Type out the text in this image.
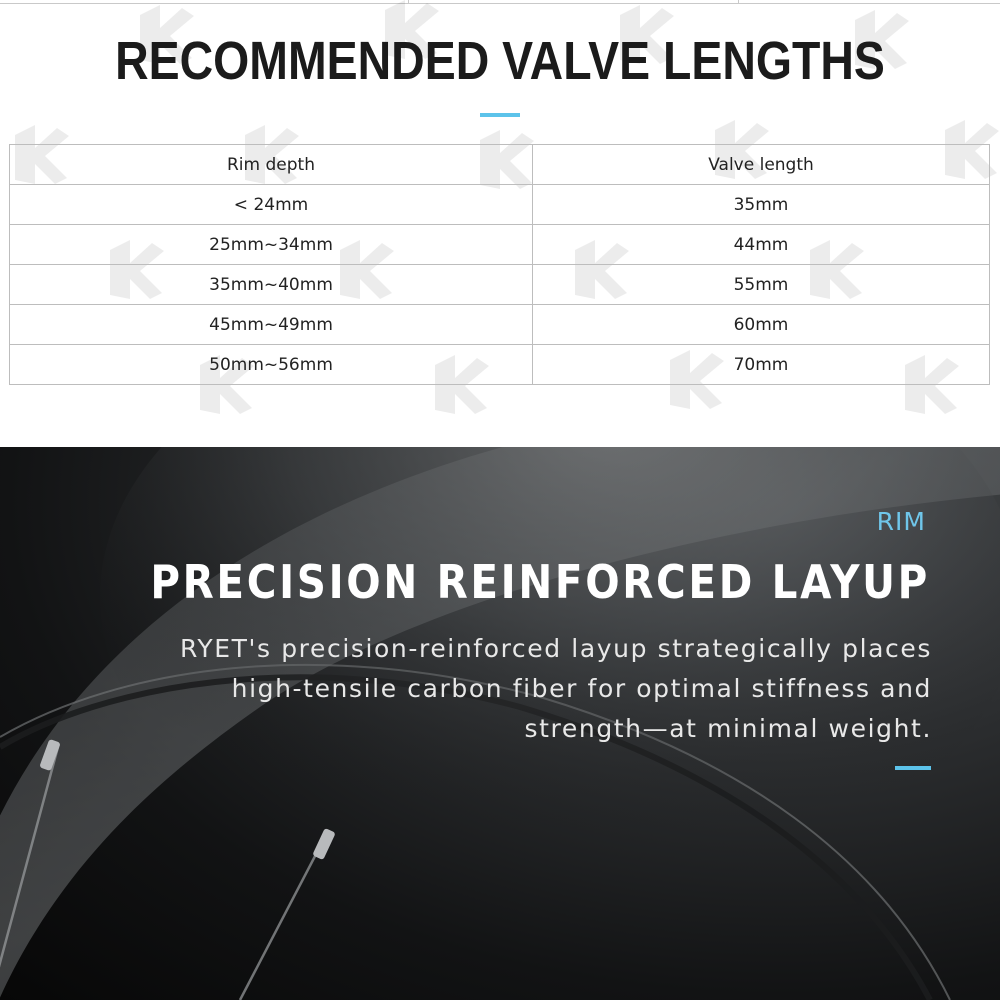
RECOMMENDED VALVE LENGTHS
Rim depth	Valve length
< 24mm	35mm
25mm~34mm	44mm
35mm~40mm	55mm
45mm~49mm	60mm
50mm~56mm	70mm
RIM
PRECISION REINFORCED LAYUP

RYET's precision-reinforced layup strategically places
high-tensile carbon fiber for optimal stiffness and
strength—at minimal weight.
